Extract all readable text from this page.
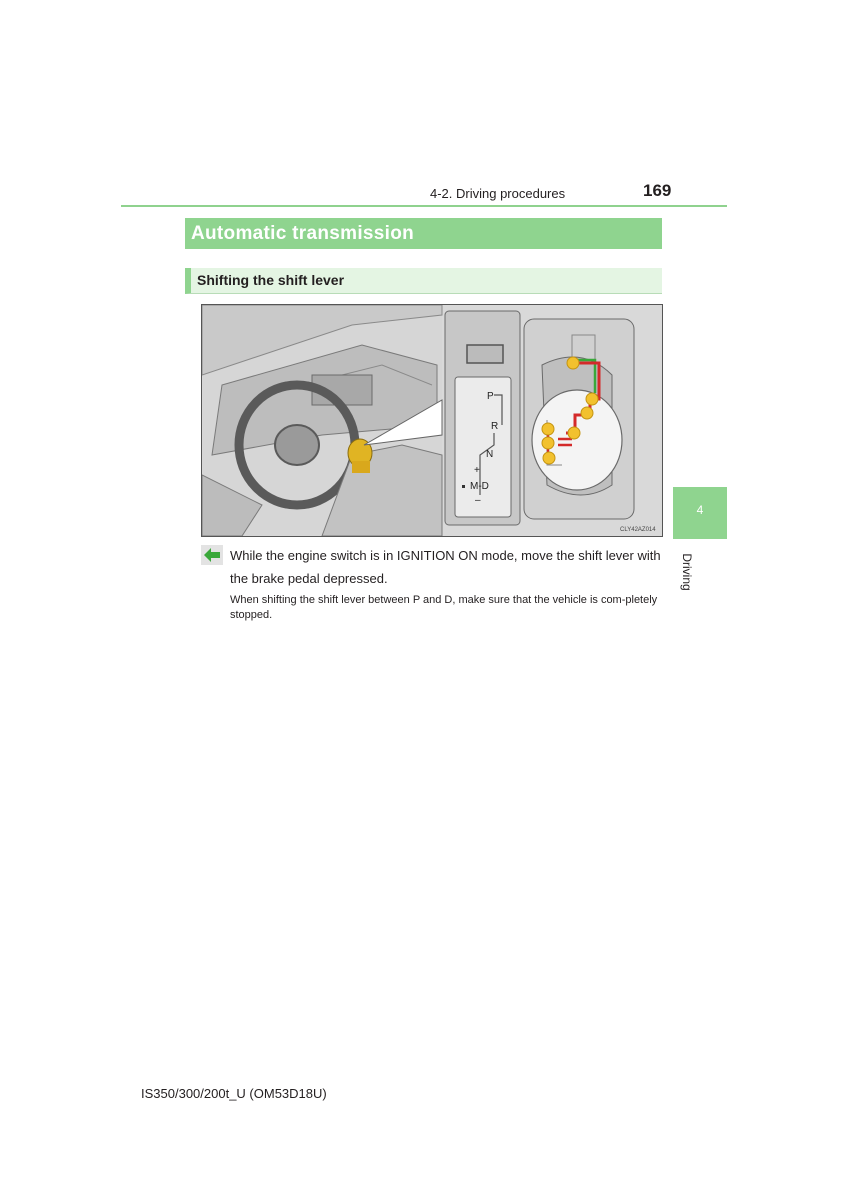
4-2. Driving procedures	169
Automatic transmission
Shifting the shift lever
P
R
N
+
M-D
–
CLY42AZ014
While the engine switch is in IGNITION ON mode, move the shift lever with the brake pedal depressed.
When shifting the shift lever between P and D, make sure that the vehicle is com-pletely stopped.
4
Driving
IS350/300/200t_U (OM53D18U)
